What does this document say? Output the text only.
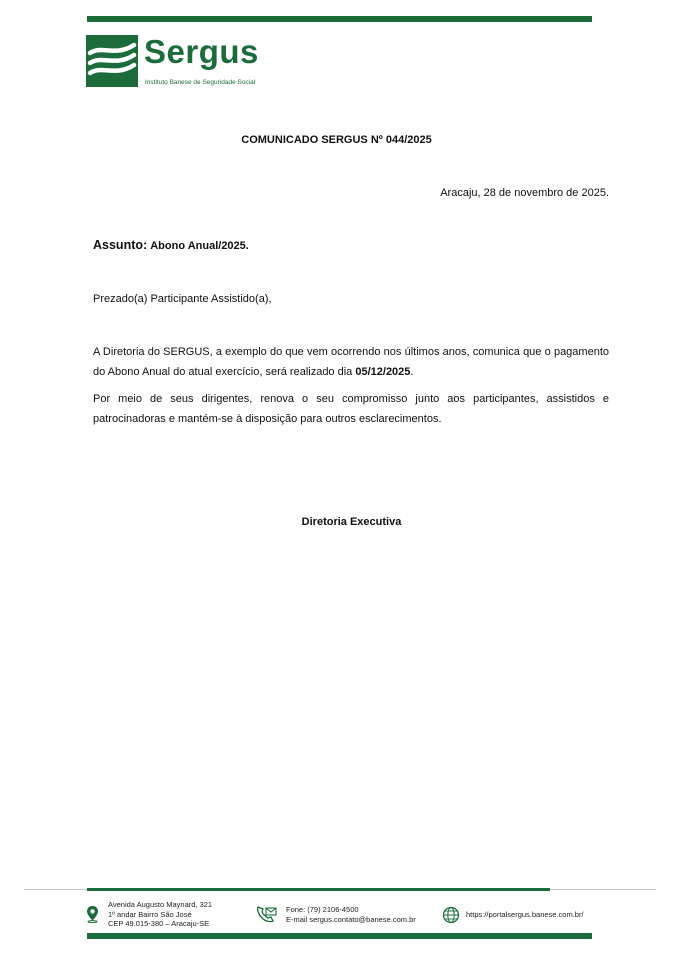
Sergus
Instituto Banese de Seguridade Social
COMUNICADO SERGUS Nº 044/2025
Aracaju, 28 de novembro de 2025.
Assunto: Abono Anual/2025.
Prezado(a) Participante Assistido(a),
A Diretoria do SERGUS, a exemplo do que vem ocorrendo nos últimos anos, comunica que o pagamento do Abono Anual do atual exercício, será realizado dia 05/12/2025.
Por meio de seus dirigentes, renova o seu compromisso junto aos participantes, assistidos e patrocinadoras e mantém-se à disposição para outros esclarecimentos.
Diretoria Executiva
Avenida Augusto Maynard, 321
1º andar Bairro São José
CEP 49.015-380 – Aracaju-SE
Fone: (79) 2106-4500
E-mail sergus.contato@banese.com.br	https://portalsergus.banese.com.br/
